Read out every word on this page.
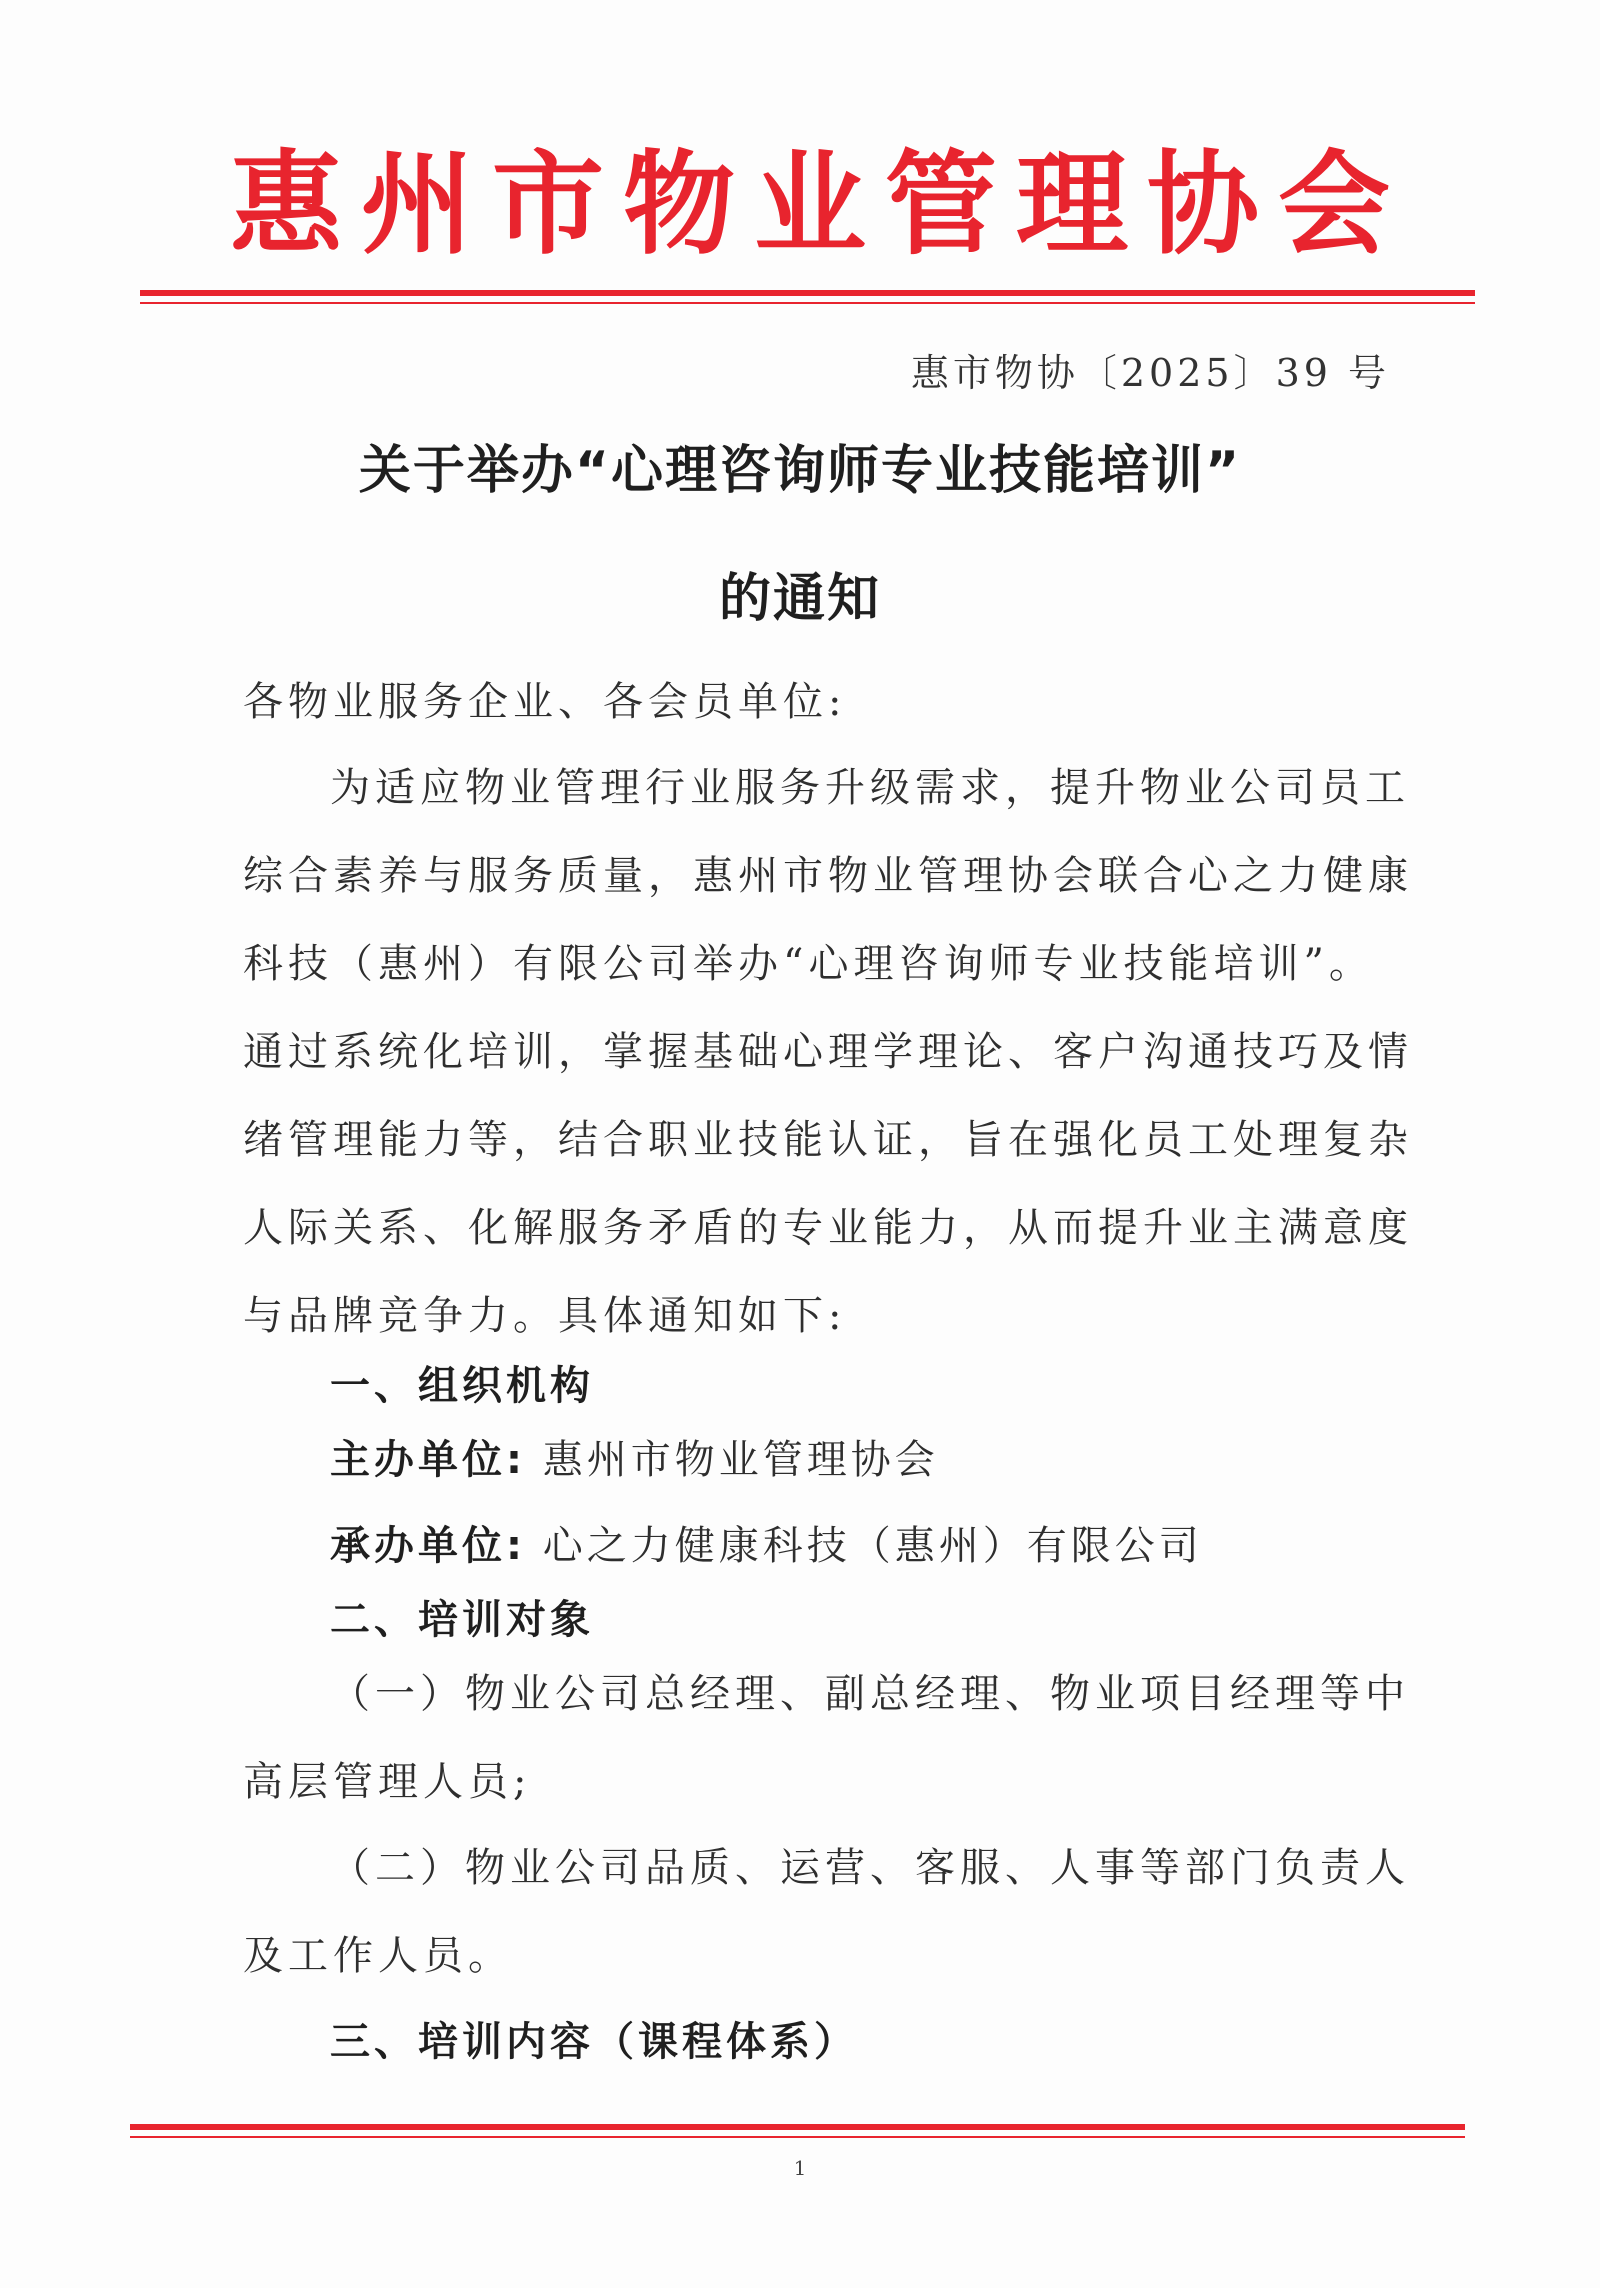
惠 州 市 物 业 管 理 协 会
惠市物协〔2025〕39 号
关于举办“心理咨询师专业技能培训”
的通知
各物业服务企业、各会员单位:
为适应物业管理行业服务升级需求，提升物业公司员工
综合素养与服务质量，惠州市物业管理协会联合心之力健康
科技（惠州）有限公司举办“心理咨询师专业技能培训”。
通过系统化培训，掌握基础心理学理论、客户沟通技巧及情
绪管理能力等，结合职业技能认证，旨在强化员工处理复杂
人际关系、化解服务矛盾的专业能力，从而提升业主满意度
与品牌竞争力。具体通知如下:
一、组织机构
主办单位: 惠州市物业管理协会
承办单位: 心之力健康科技（惠州）有限公司
二、培训对象
（一）物业公司总经理、副总经理、物业项目经理等中
高层管理人员;
（二）物业公司品质、运营、客服、人事等部门负责人
及工作人员。
三、培训内容（课程体系）
1
